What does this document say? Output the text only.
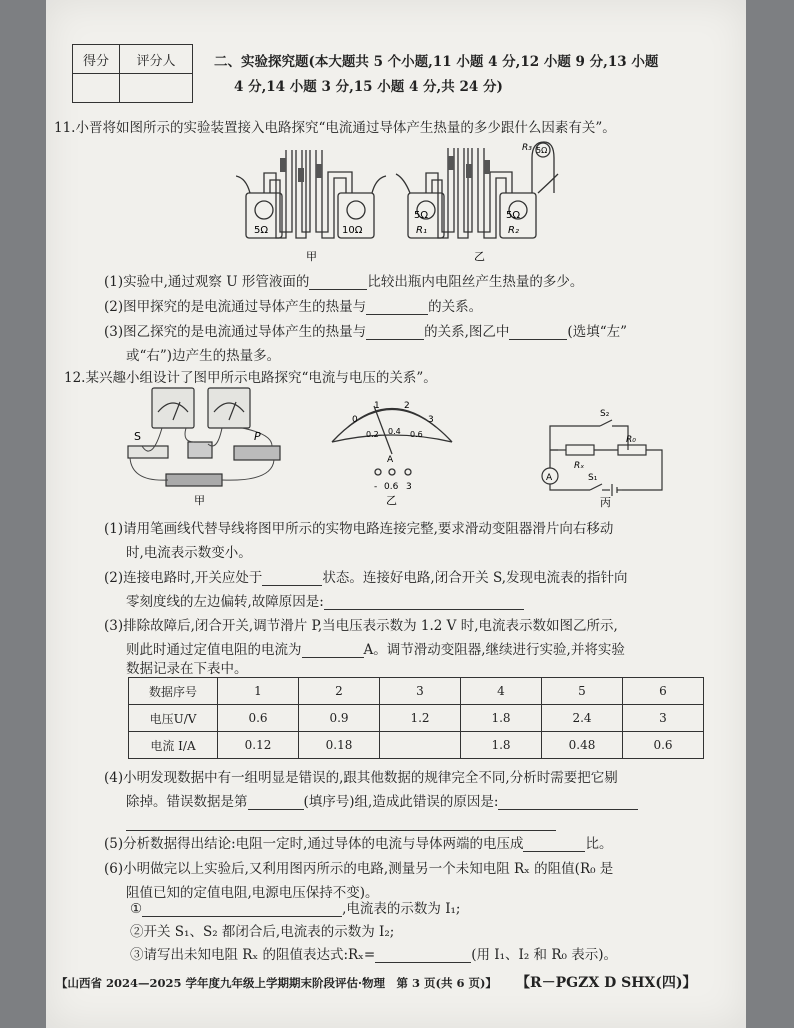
得分	评分人
		二、实验探究题(本大题共 5 个小题,11 小题 4 分,12 小题 9 分,13 小题
4 分,14 小题 3 分,15 小题 4 分,共 24 分)
11.小晋将如图所示的实验装置接入电路探究“电流通过导体产生热量的多少跟什么因素有关”。
5Ω	10Ω
5Ω
R₁
5Ω
R₂
R₃ 5Ω
甲	乙
(1)实验中,通过观察 U 形管液面的	比较出瓶内电阻丝产生热量的多少。
(2)图甲探究的是电流通过导体产生的热量与	的关系。
(3)图乙探究的是电流通过导体产生的热量与	的关系,图乙中	(选填“左”
或“右”)边产生的热量多。
12.某兴趣小组设计了图甲所示电路探究“电流与电压的关系”。
S	P
甲
0
1	2
3
0.2 0.4 0.6
A
- 0.6 3
乙
S₂
Rₓ
R₀
S₁
A
丙
(1)请用笔画线代替导线将图甲所示的实物电路连接完整,要求滑动变阻器滑片向右移动
时,电流表示数变小。
(2)连接电路时,开关应处于	状态。连接好电路,闭合开关 S,发现电流表的指针向
零刻度线的左边偏转,故障原因是:
(3)排除故障后,闭合开关,调节滑片 P,当电压表示数为 1.2 V 时,电流表示数如图乙所示,
则此时通过定值电阻的电流为	A。调节滑动变阻器,继续进行实验,并将实验
数据记录在下表中。
数据序号	1	2	3	4	5	6
电压U/V	0.6	0.9	1.2	1.8	2.4	3
电流 I/A	0.12	0.18		1.8	0.48	0.6
(4)小明发现数据中有一组明显是错误的,跟其他数据的规律完全不同,分析时需要把它剔
除掉。错误数据是第	(填序号)组,造成此错误的原因是:
(5)分析数据得出结论:电阻一定时,通过导体的电流与导体两端的电压成	比。
(6)小明做完以上实验后,又利用图丙所示的电路,测量另一个未知电阻 Rₓ 的阻值(R₀ 是
阻值已知的定值电阻,电源电压保持不变)。
①	,电流表的示数为 I₁;
②开关 S₁、S₂ 都闭合后,电流表的示数为 I₂;
③请写出未知电阻 Rₓ 的阻值表达式:Rₓ=	(用 I₁、I₂ 和 R₀ 表示)。
【山西省 2024—2025 学年度九年级上学期期末阶段评估·物理　第 3 页(共 6 页)】 【R－PGZX D SHX(四)】
